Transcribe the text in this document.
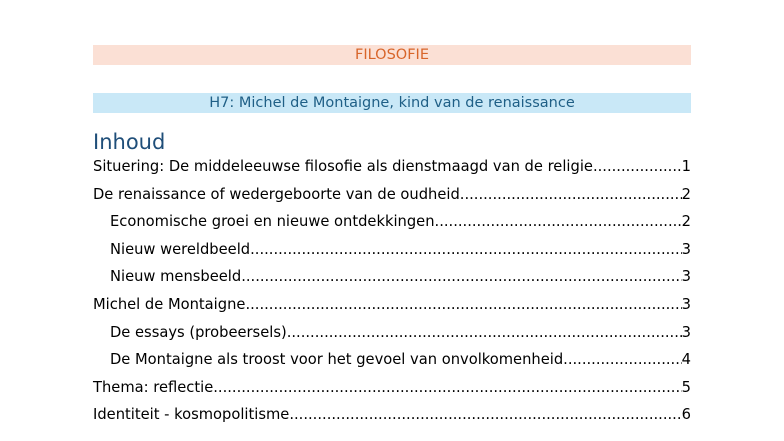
FILOSOFIE
H7: Michel de Montaigne, kind van de renaissance
Inhoud
Situering: De middeleeuwse filosofie als dienstmaagd van de religie .....	1
De renaissance of wedergeboorte van de oudheid .....	2
Economische groei en nieuwe ontdekkingen .....	2
Nieuw wereldbeeld .....	3
Nieuw mensbeeld .....	3
Michel de Montaigne .....	3
De essays (probeersels) .....	3
De Montaigne als troost voor het gevoel van onvolkomenheid .....	4
Thema: reflectie .....	5
Identiteit - kosmopolitisme .....	6
